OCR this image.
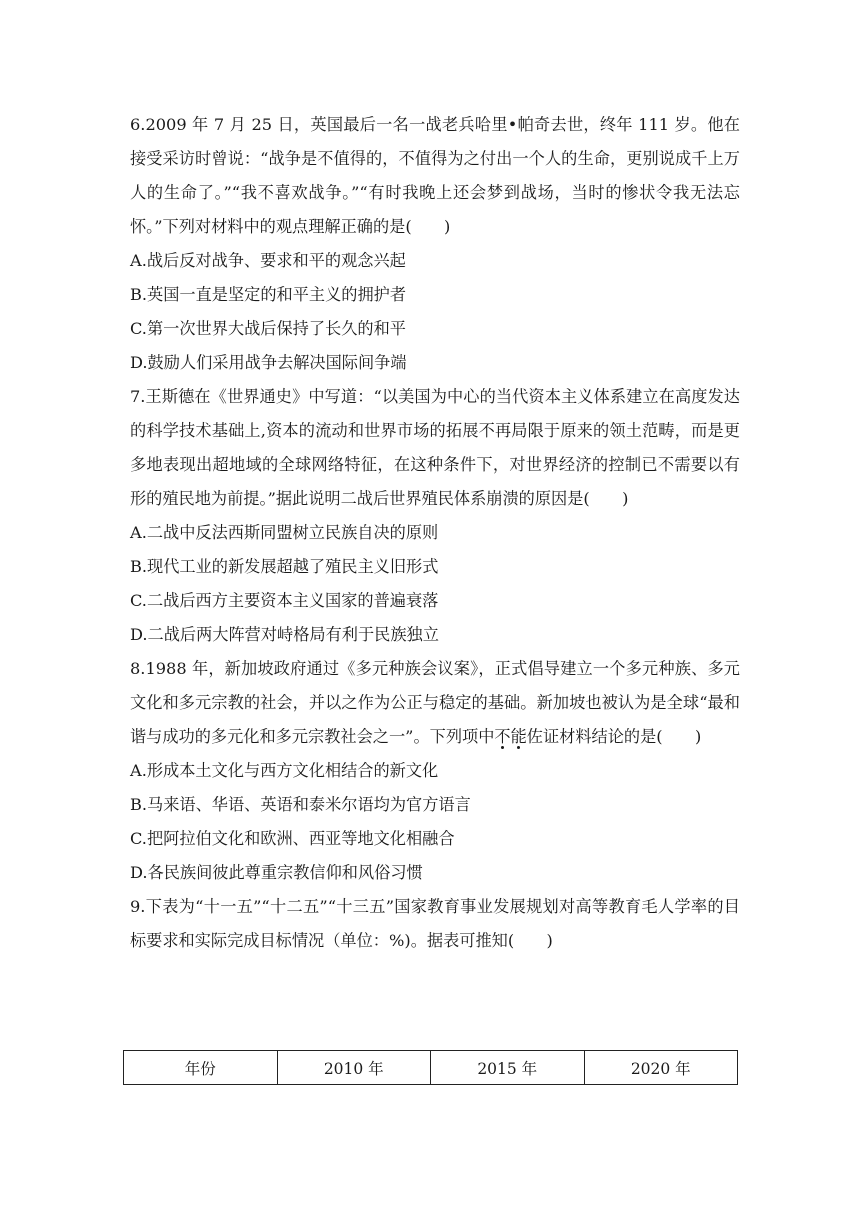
6.2009 年 7 月 25 日，英国最后一名一战老兵哈里•帕奇去世，终年 111 岁。他在接受采访时曾说：“战争是不值得的，不值得为之付出一个人的生命，更别说成千上万人的生命了。”“我不喜欢战争。”“有时我晚上还会梦到战场，当时的惨状令我无法忘怀。”下列对材料中的观点理解正确的是(　　)

A.战后反对战争、要求和平的观念兴起

B.英国一直是坚定的和平主义的拥护者

C.第一次世界大战后保持了长久的和平

D.鼓励人们采用战争去解决国际间争端

7.王斯德在《世界通史》中写道：“以美国为中心的当代资本主义体系建立在高度发达的科学技术基础上,资本的流动和世界市场的拓展不再局限于原来的领土范畴，而是更多地表现出超地域的全球网络特征，在这种条件下，对世界经济的控制已不需要以有形的殖民地为前提。”据此说明二战后世界殖民体系崩溃的原因是(　　)

A.二战中反法西斯同盟树立民族自决的原则

B.现代工业的新发展超越了殖民主义旧形式

C.二战后西方主要资本主义国家的普遍衰落

D.二战后两大阵营对峙格局有利于民族独立

8.1988 年，新加坡政府通过《多元种族会议案》，正式倡导建立一个多元种族、多元文化和多元宗教的社会，并以之作为公正与稳定的基础。新加坡也被认为是全球“最和谐与成功的多元化和多元宗教社会之一”。下列项中不能佐证材料结论的是(　　)

A.形成本土文化与西方文化相结合的新文化

B.马来语、华语、英语和泰米尔语均为官方语言

C.把阿拉伯文化和欧洲、西亚等地文化相融合

D.各民族间彼此尊重宗教信仰和风俗习惯

9.下表为“十一五”“十二五”“十三五”国家教育事业发展规划对高等教育毛人学率的目标要求和实际完成目标情况（单位：%)。据表可推知(　　)

年份	2010 年	2015 年	2020 年
